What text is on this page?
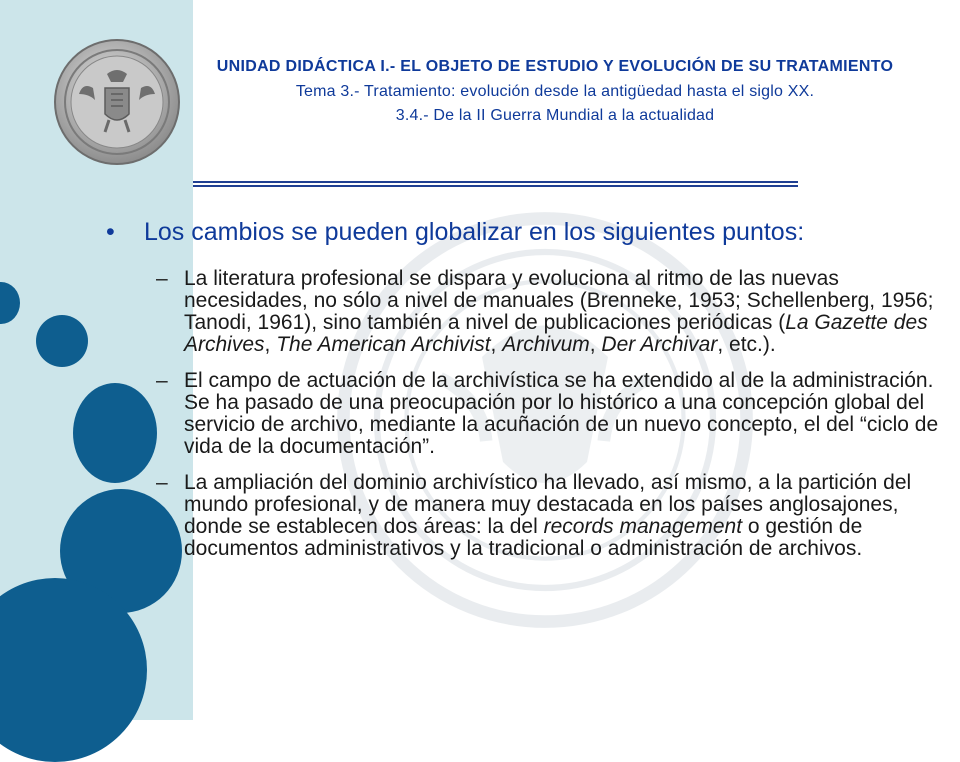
UNIDAD DIDÁCTICA I.- EL OBJETO DE ESTUDIO Y EVOLUCIÓN DE SU TRATAMIENTO
Tema 3.- Tratamiento: evolución desde la antigüedad hasta el siglo XX.
3.4.- De la II Guerra Mundial a la actualidad
•	Los cambios se pueden globalizar en los siguientes puntos:
– La literatura profesional se dispara y evoluciona al ritmo de las nuevas necesidades, no sólo a nivel de manuales (Brenneke, 1953; Schellenberg, 1956; Tanodi, 1961), sino también a nivel de publicaciones periódicas (La Gazette des Archives, The American Archivist, Archivum, Der Archivar, etc.).
– El campo de actuación de la archivística se ha extendido al de la administración. Se ha pasado de una preocupación por lo histórico a una concepción global del servicio de archivo, mediante la acuñación de un nuevo concepto, el del “ciclo de vida de la documentación”.
– La ampliación del dominio archivístico ha llevado, así mismo, a la partición del mundo profesional, y de manera muy destacada en los países anglosajones, donde se establecen dos áreas: la del records management o gestión de documentos administrativos y la tradicional o administración de archivos.
